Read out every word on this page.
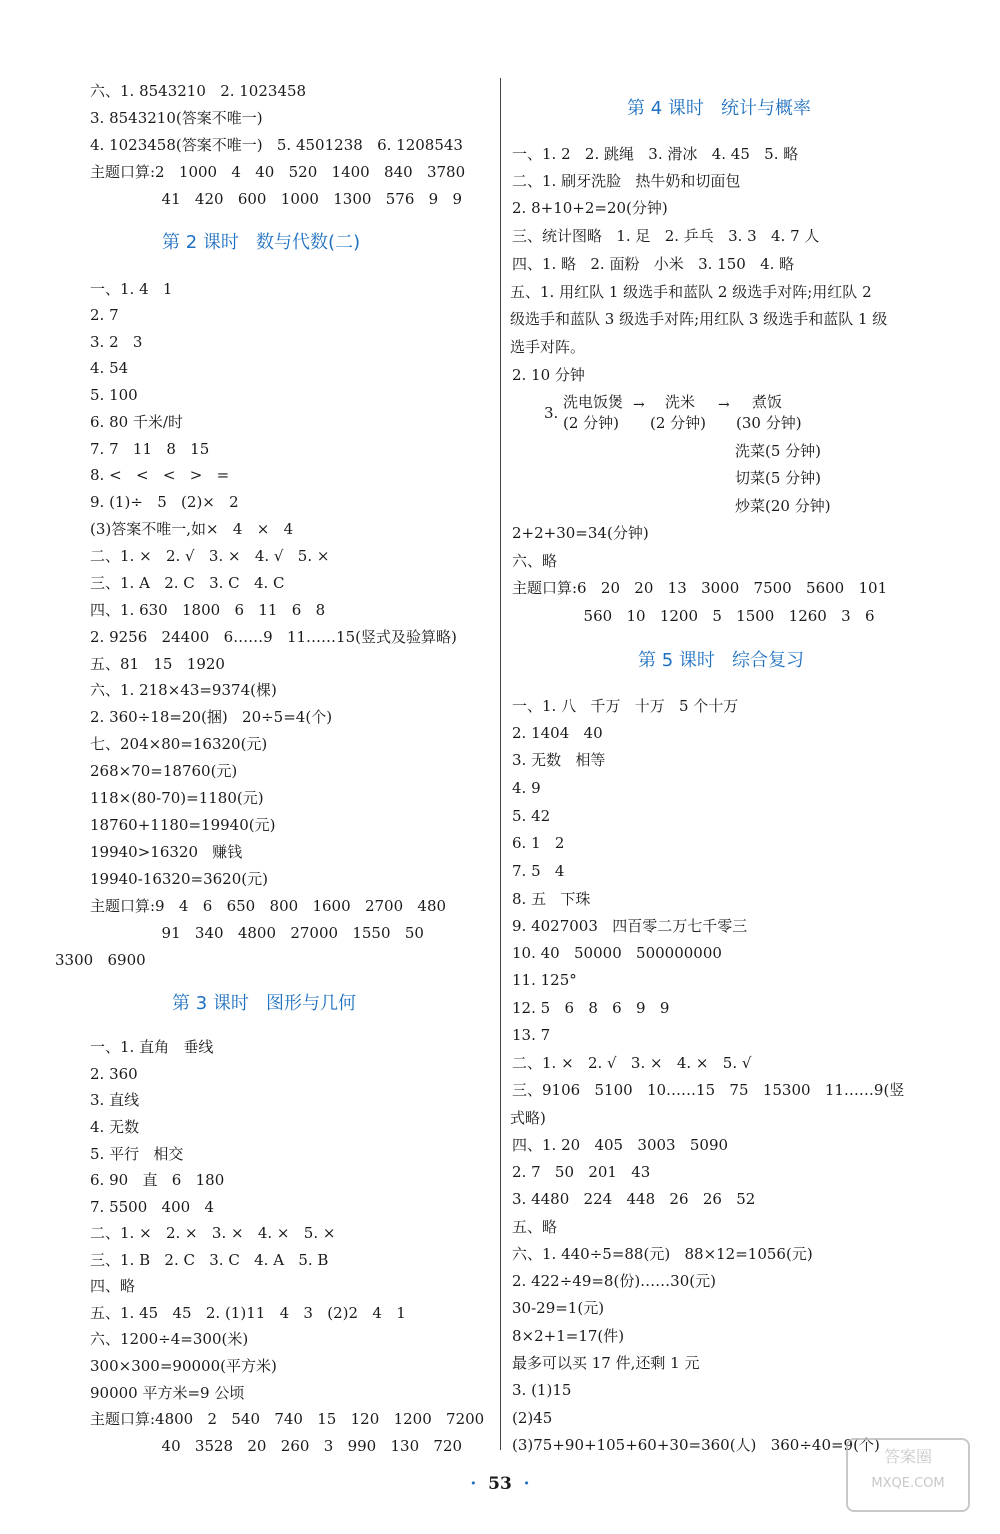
六、1. 8543210   2. 1023458
3. 8543210(答案不唯一)
4. 1023458(答案不唯一)   5. 4501238   6. 1208543
主题口算:2   1000   4   40   520   1400   840   3780
41   420   600   1000   1300   576   9   9
一、1. 4   1
2. 7
3. 2   3
4. 54
5. 100
6. 80 千米/时
7. 7   11   8   15
8. <   <   <   >   =
9. (1)÷   5   (2)×   2
(3)答案不唯一,如×   4   ×   4
二、1. ×   2. √   3. ×   4. √   5. ×
三、1. A   2. C   3. C   4. C
四、1. 630   1800   6   11   6   8
2. 9256   24400   6……9   11……15(竖式及验算略)
五、81   15   1920
六、1. 218×43=9374(棵)
2. 360÷18=20(捆)   20÷5=4(个)
七、204×80=16320(元)
268×70=18760(元)
118×(80-70)=1180(元)
18760+1180=19940(元)
19940>16320   赚钱
19940-16320=3620(元)
主题口算:9   4   6   650   800   1600   2700   480
91   340   4800   27000   1550   50
3300   6900
一、1. 直角   垂线
2. 360
3. 直线
4. 无数
5. 平行   相交
6. 90   直   6   180
7. 5500   400   4
二、1. ×   2. ×   3. ×   4. ×   5. ×
三、1. B   2. C   3. C   4. A   5. B
四、略
五、1. 45   45   2. (1)11   4   3   (2)2   4   1
六、1200÷4=300(米)
300×300=90000(平方米)
90000 平方米=9 公顷
主题口算:4800   2   540   740   15   120   1200   7200
40   3528   20   260   3   990   130   720
一、1. 2   2. 跳绳   3. 滑冰   4. 45   5. 略
二、1. 刷牙洗脸   热牛奶和切面包
2. 8+10+2=20(分钟)
三、统计图略   1. 足   2. 乒乓   3. 3   4. 7 人
四、1. 略   2. 面粉   小米   3. 150   4. 略
五、1. 用红队 1 级选手和蓝队 2 级选手对阵;用红队 2
级选手和蓝队 3 级选手对阵;用红队 3 级选手和蓝队 1 级
选手对阵。
2. 10 分钟
2+2+30=34(分钟)
六、略
主题口算:6   20   20   13   3000   7500   5600   101
560   10   1200   5   1500   1260   3   6
一、1. 八   千万   十万   5 个十万
2. 1404   40
3. 无数   相等
4. 9
5. 42
6. 1   2
7. 5   4
8. 五   下珠
9. 4027003   四百零二万七千零三
10. 40   50000   500000000
11. 125°
12. 5   6   8   6   9   9
13. 7
二、1. ×   2. √   3. ×   4. ×   5. √
三、9106   5100   10……15   75   15300   11……9(竖
式略)
四、1. 20   405   3003   5090
2. 7   50   201   43
3. 4480   224   448   26   26   52
五、略
六、1. 440÷5=88(元)   88×12=1056(元)
2. 422÷49=8(份)……30(元)
30-29=1(元)
8×2+1=17(件)
最多可以买 17 件,还剩 1 元
3. (1)15
(2)45
(3)75+90+105+60+30=360(人)   360÷40=9(个)
第 2 课时   数与代数(二)
第 3 课时   图形与几何
第 4 课时   统计与概率
第 5 课时   综合复习
3.
洗电饭煲
(2 分钟)
→ 洗米
(2 分钟)
→ 煮饭
(30 分钟)
洗菜(5 分钟)
切菜(5 分钟)
炒菜(20 分钟)
· 53 ·
答案圈
MXQE.COM
